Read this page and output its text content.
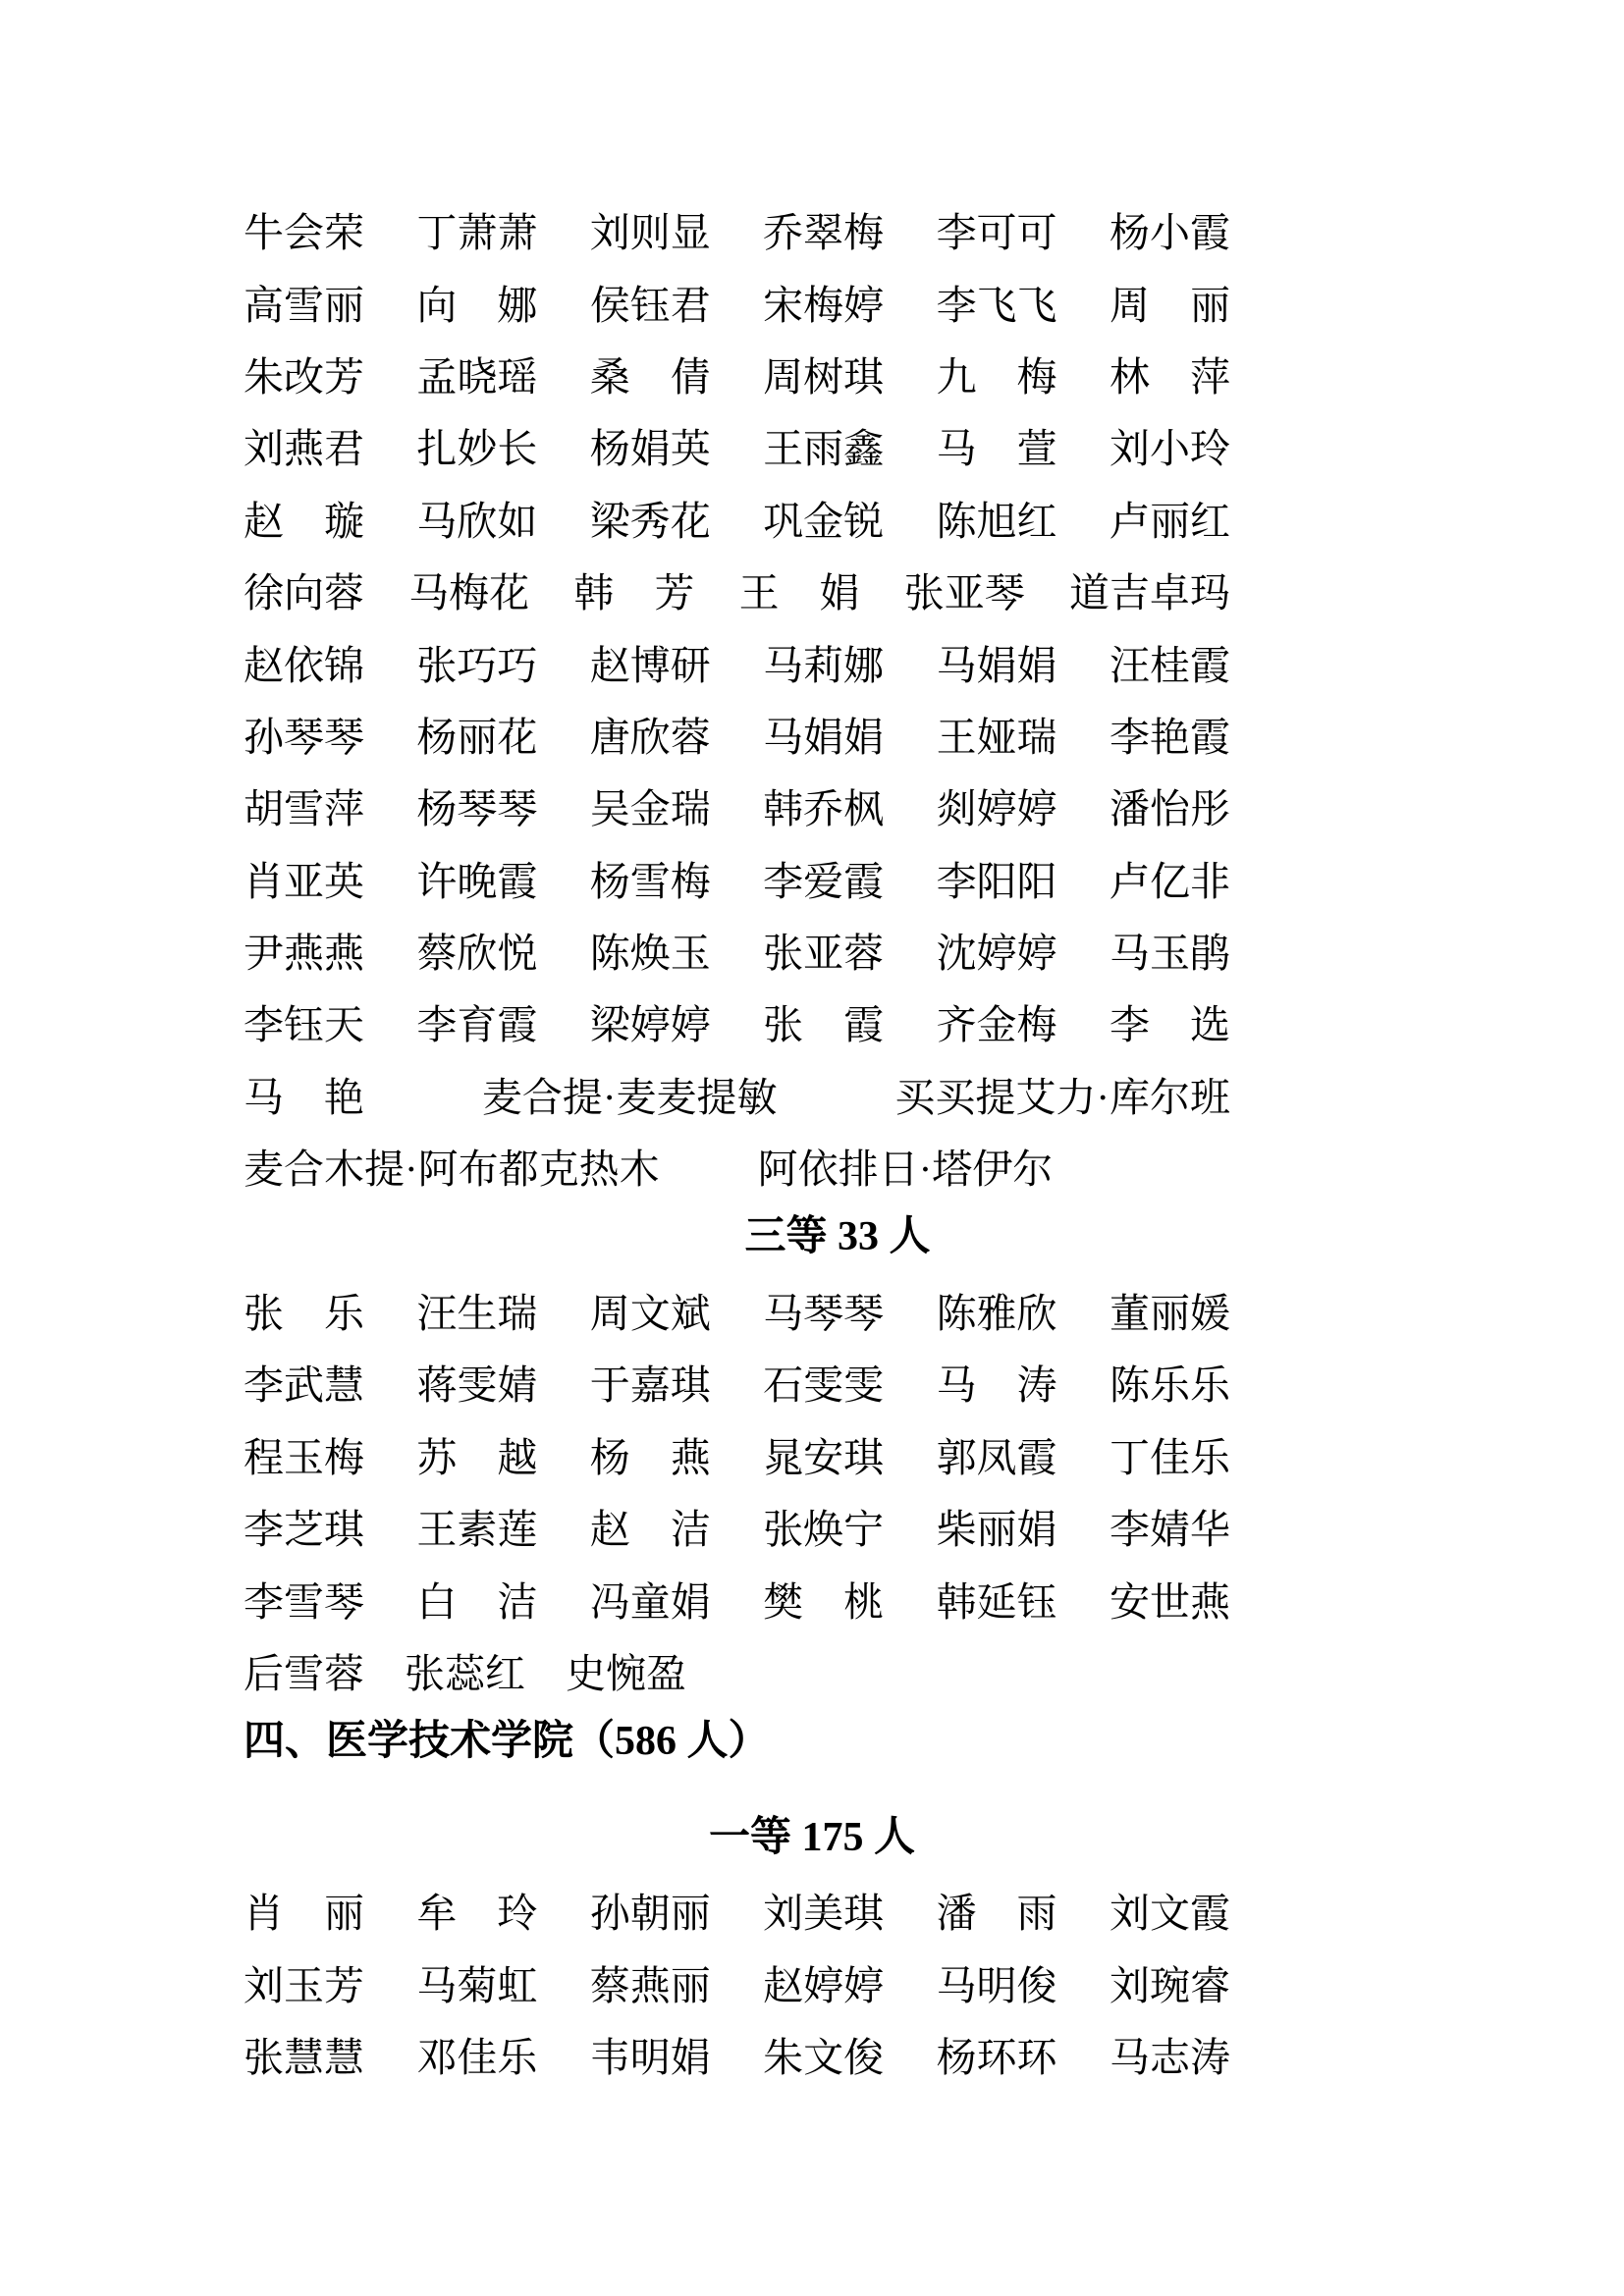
牛会荣 丁萧萧 刘则显 乔翠梅 李可可 杨小霞
高雪丽 向　娜 侯钰君 宋梅婷 李飞飞 周　丽
朱改芳 孟晓瑶 桑　倩 周树琪 九　梅 林　萍
刘燕君 扎妙长 杨娟英 王雨鑫 马　萱 刘小玲
赵　璇 马欣如 梁秀花 巩金锐 陈旭红 卢丽红
徐向蓉 马梅花 韩　芳 王　娟 张亚琴 道吉卓玛
赵依锦 张巧巧 赵博研 马莉娜 马娟娟 汪桂霞
孙琴琴 杨丽花 唐欣蓉 马娟娟 王娅瑞 李艳霞
胡雪萍 杨琴琴 吴金瑞 韩乔枫 剡婷婷 潘怡彤
肖亚英 许晚霞 杨雪梅 李爱霞 李阳阳 卢亿非
尹燕燕 蔡欣悦 陈焕玉 张亚蓉 沈婷婷 马玉鹃
李钰天 李育霞 梁婷婷 张　霞 齐金梅 李　选
马　艳	麦合提·麦麦提敏	买买提艾力·库尔班
麦合木提·阿布都克热木 阿依排日·塔伊尔
三等 33 人
张　乐 汪生瑞 周文斌 马琴琴 陈雅欣 董丽媛
李武慧 蒋雯婧 于嘉琪 石雯雯 马　涛 陈乐乐
程玉梅 苏　越 杨　燕 晁安琪 郭凤霞 丁佳乐
李芝琪 王素莲 赵　洁 张焕宁 柴丽娟 李婧华
李雪琴 白　洁 冯童娟 樊　桃 韩延钰 安世燕
后雪蓉 张蕊红 史惋盈
四、医学技术学院（586 人）
一等 175 人
肖　丽 牟　玲 孙朝丽 刘美琪 潘　雨 刘文霞
刘玉芳 马菊虹 蔡燕丽 赵婷婷 马明俊 刘琬睿
张慧慧 邓佳乐 韦明娟 朱文俊 杨环环 马志涛
